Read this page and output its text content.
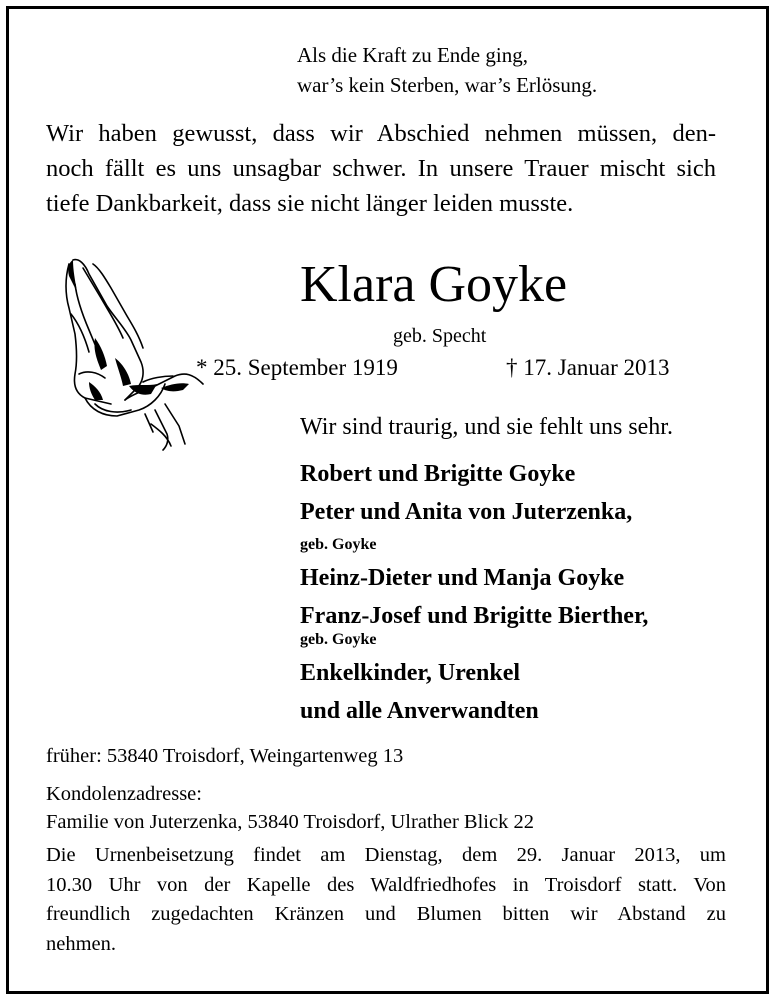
Als die Kraft zu Ende ging,
war’s kein Sterben, war’s Erlösung.
Wir haben gewusst, dass wir Abschied nehmen müssen, den-
noch fällt es uns unsagbar schwer. In unsere Trauer mischt sich
tiefe Dankbarkeit, dass sie nicht länger leiden musste.
Klara Goyke
geb. Specht
* 25. September 1919	† 17. Januar 2013
Wir sind traurig, und sie fehlt uns sehr.
Robert und Brigitte Goyke
Peter und Anita von Juterzenka,
geb. Goyke
Heinz-Dieter und Manja Goyke
Franz-Josef und Brigitte Bierther,
geb. Goyke
Enkelkinder, Urenkel
und alle Anverwandten
früher: 53840 Troisdorf, Weingartenweg 13
Kondolenzadresse:
Familie von Juterzenka, 53840 Troisdorf, Ulrather Blick 22
Die Urnenbeisetzung findet am Dienstag, dem 29. Januar 2013, um
10.30 Uhr von der Kapelle des Waldfriedhofes in Troisdorf statt. Von
freundlich zugedachten Kränzen und Blumen bitten wir Abstand zu
nehmen.
